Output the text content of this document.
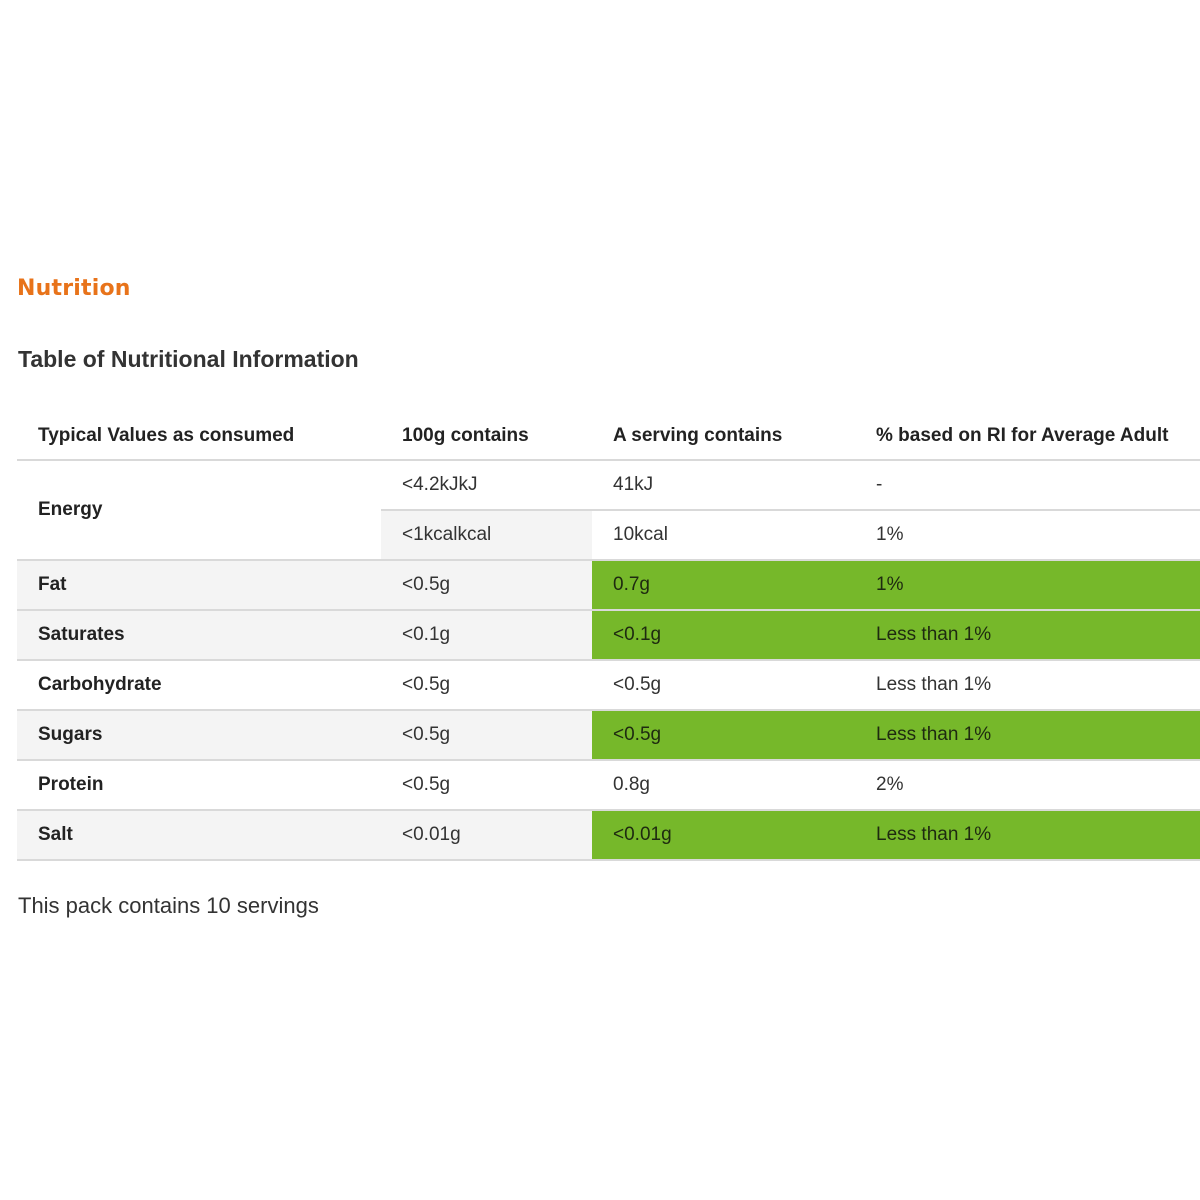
Nutrition
Table of Nutritional Information
Typical Values as consumed	100g contains	A serving contains	% based on RI for Average Adult
Energy	<4.2kJkJ	41kJ	-
	<1kcalkcal	10kcal	1%
Fat	<0.5g	0.7g	1%
Saturates	<0.1g	<0.1g	Less than 1%
Carbohydrate	<0.5g	<0.5g	Less than 1%
Sugars	<0.5g	<0.5g	Less than 1%
Protein	<0.5g	0.8g	2%
Salt	<0.01g	<0.01g	Less than 1%

This pack contains 10 servings
